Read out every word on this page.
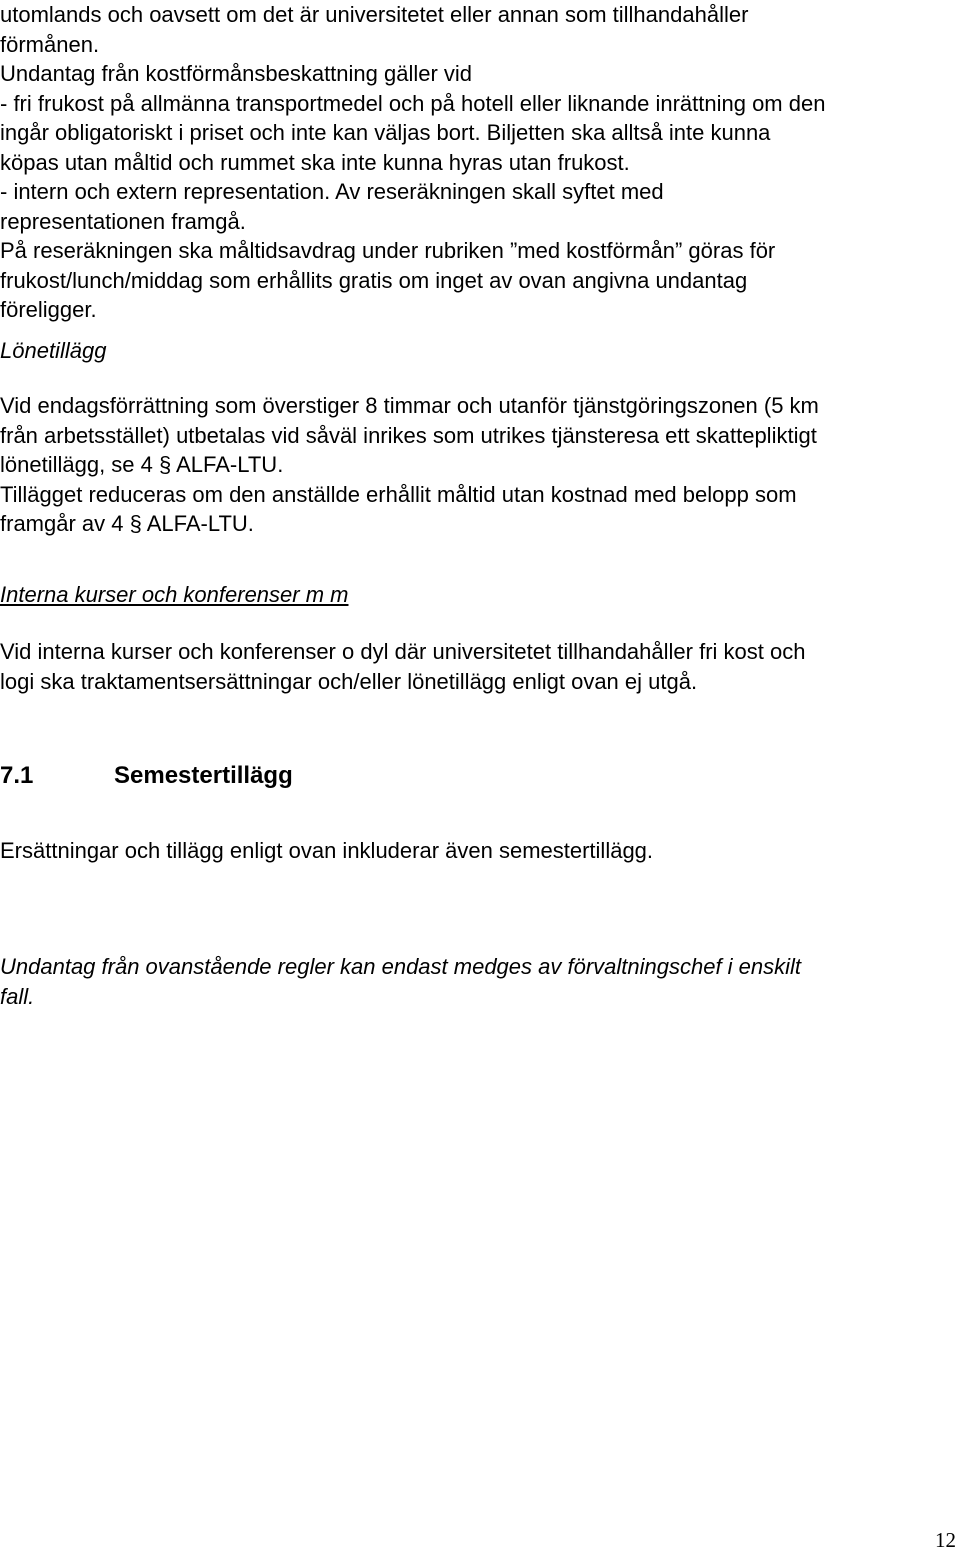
utomlands och oavsett om det är universitetet eller annan som tillhandahåller
förmånen.
Undantag från kostförmånsbeskattning gäller vid
- fri frukost på allmänna transportmedel och på hotell eller liknande inrättning om den
ingår obligatoriskt i priset och inte kan väljas bort. Biljetten ska alltså inte kunna
köpas utan måltid och rummet ska inte kunna hyras utan frukost.
- intern och extern representation. Av reseräkningen skall syftet med
representationen framgå.
På reseräkningen ska måltidsavdrag under rubriken ”med kostförmån” göras för
frukost/lunch/middag som erhållits gratis om inget av ovan angivna undantag
föreligger.
Lönetillägg
Vid endagsförrättning som överstiger 8 timmar och utanför tjänstgöringszonen (5 km
från arbetsstället) utbetalas vid såväl inrikes som utrikes tjänsteresa ett skattepliktigt
lönetillägg, se 4 § ALFA-LTU.
Tillägget reduceras om den anställde erhållit måltid utan kostnad med belopp som
framgår av 4 § ALFA-LTU.
Interna kurser och konferenser m m
Vid interna kurser och konferenser o dyl där universitetet tillhandahåller fri kost och
logi ska traktamentsersättningar och/eller lönetillägg enligt ovan ej utgå.
7.1	Semestertillägg
Ersättningar och tillägg enligt ovan inkluderar även semestertillägg.
Undantag från ovanstående regler kan endast medges av förvaltningschef i enskilt
fall.
12
